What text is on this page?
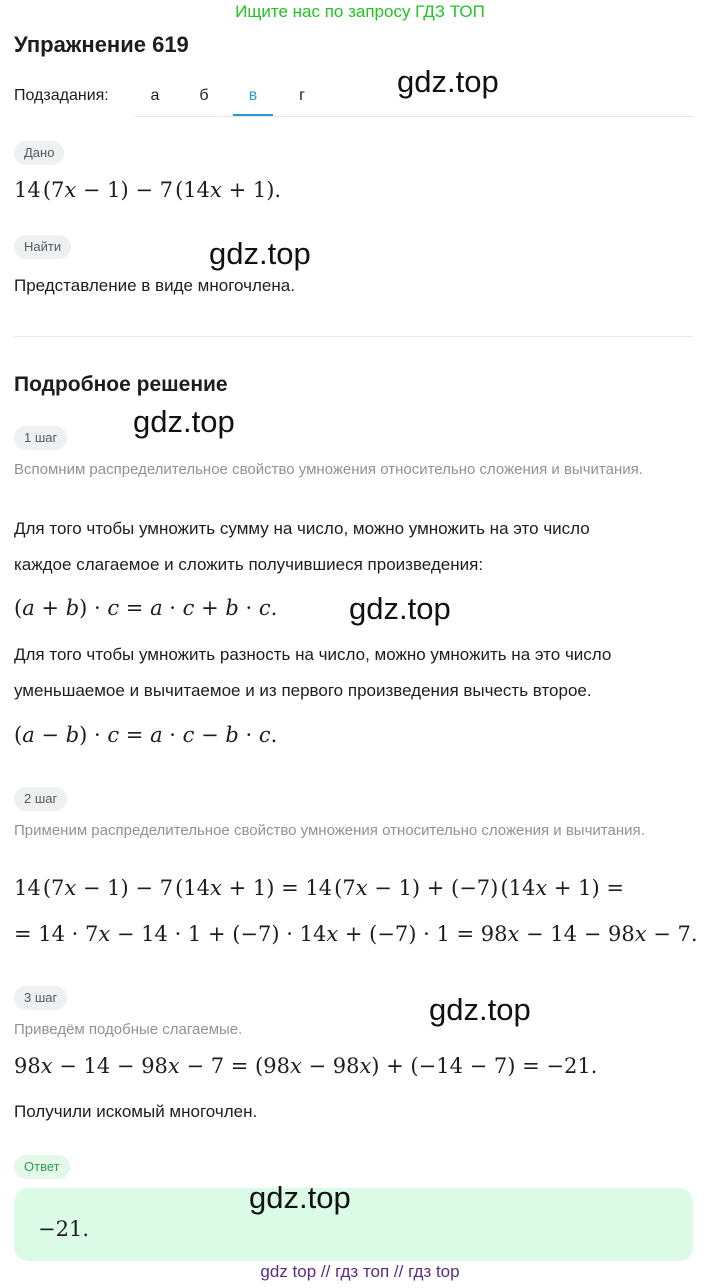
Ищите нас по запросу ГДЗ ТОП
Упражнение 619
Подзадания:	а	б	в	г	gdz.top
Дано
14 (7x − 1) − 7 (14x + 1).
Найти	gdz.top
Представление в виде многочлена.
Подробное решение
gdz.top
1 шаг
Вспомним распределительное свойство умножения относительно сложения и вычитания.
Для того чтобы умножить сумму на число, можно умножить на это число
каждое слагаемое и сложить получившиеся произведения:
(a + b) · c = a · c + b · c. gdz.top
Для того чтобы умножить разность на число, можно умножить на это число
уменьшаемое и вычитаемое и из первого произведения вычесть второе.
(a − b) · c = a · c − b · c.
2 шаг
Применим распределительное свойство умножения относительно сложения и вычитания.
14 (7x − 1) − 7 (14x + 1) = 14 (7x − 1) + (−7) (14x + 1) =
= 14 · 7x − 14 · 1 + (−7) · 14x + (−7) · 1 = 98x − 14 − 98x − 7.
3 шаг	gdz.top
Приведём подобные слагаемые.
98x − 14 − 98x − 7 = (98x − 98x) + (−14 − 7) = −21.
Получили искомый многочлен.
Ответ
−21.
gdz.top
gdz top // гдз топ // гдз top
